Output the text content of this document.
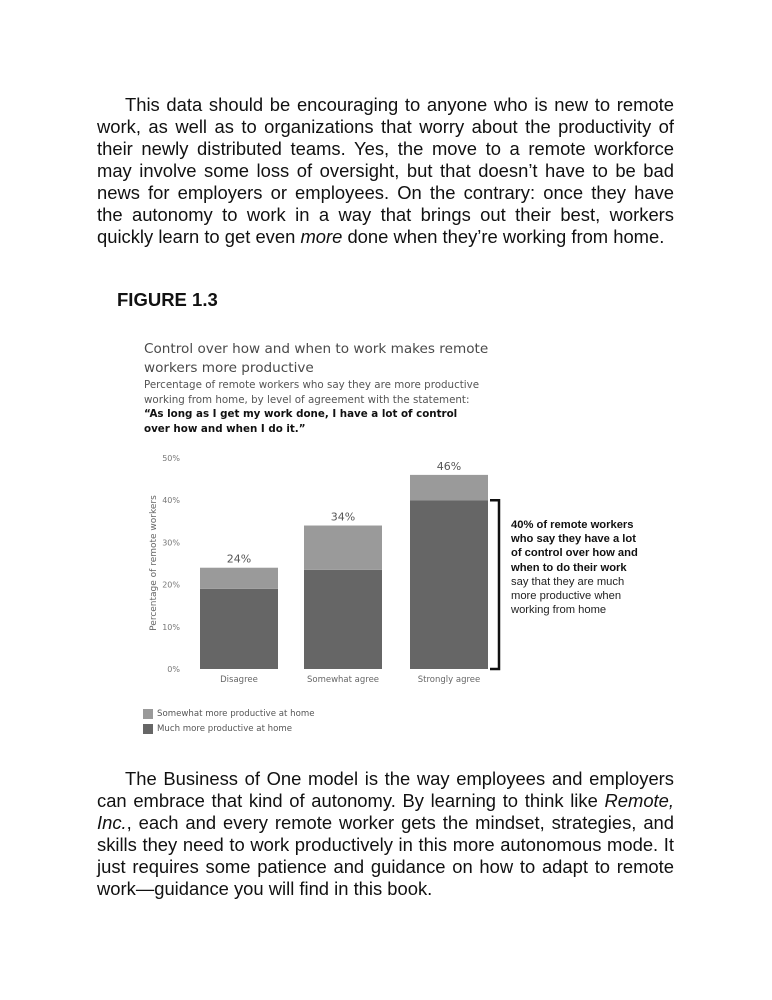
This data should be encouraging to anyone who is new to remote work, as well as to organizations that worry about the productivity of their newly distributed teams. Yes, the move to a remote workforce may involve some loss of oversight, but that doesn’t have to be bad news for employers or employees. On the contrary: once they have the autonomy to work in a way that brings out their best, workers quickly learn to get even more done when they’re working from home.

FIGURE 1.3

Control over how and when to work makes remote workers more productive

Percentage of remote workers who say they are more productive working from home, by level of agreement with the statement:

“As long as I get my work done, I have a lot of control over how and when I do it.”

0%
10%
20%
30%
40%
50%
Percentage of remote workers	24%
Disagree
34%
Somewhat agree
46%
Strongly agree

40% of remote workers who say they have a lot of control over how and when to do their work say that they are much more productive when working from home

Somewhat more productive at home
Much more productive at home

The Business of One model is the way employees and employers can embrace that kind of autonomy. By learning to think like Remote, Inc., each and every remote worker gets the mindset, strategies, and skills they need to work productively in this more autonomous mode. It just requires some patience and guidance on how to adapt to remote work—guidance you will find in this book.
